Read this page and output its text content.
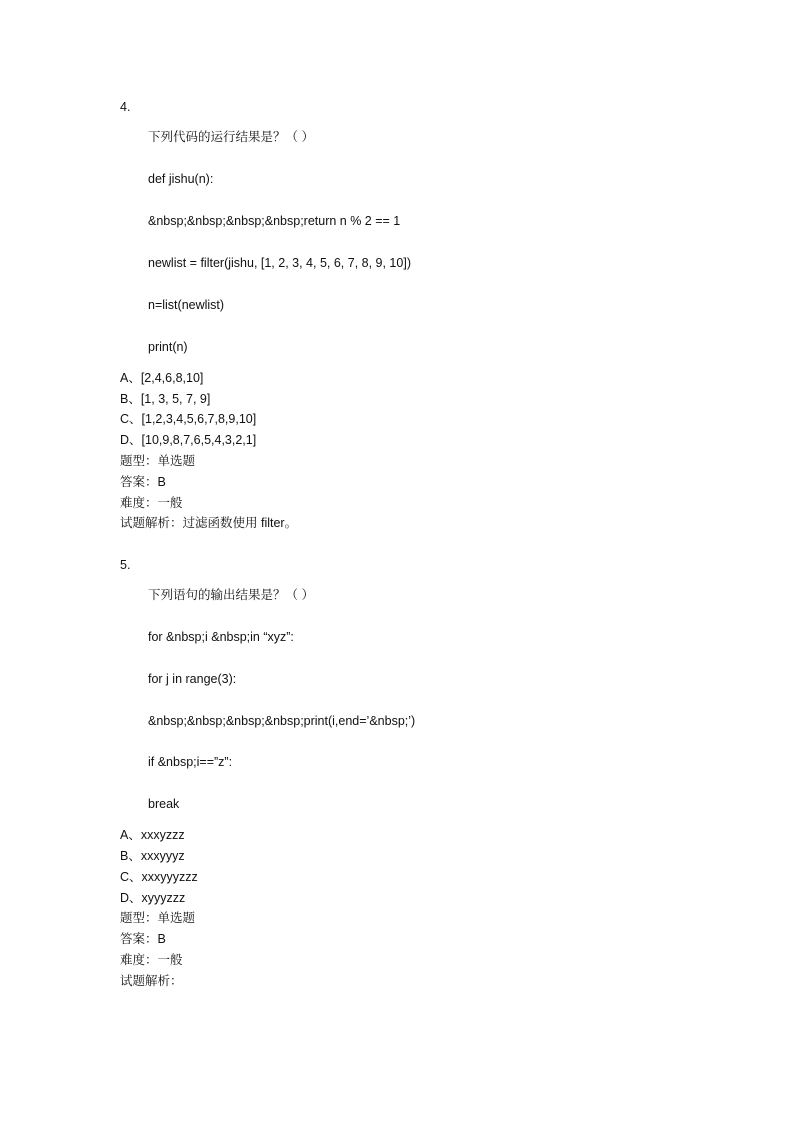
4.
下列代码的运行结果是？（ ）
def jishu(n):
&nbsp;&nbsp;&nbsp;&nbsp;return n % 2 == 1
newlist = filter(jishu, [1, 2, 3, 4, 5, 6, 7, 8, 9, 10])
n=list(newlist)
print(n)
A、[2,4,6,8,10]
B、[1, 3, 5, 7, 9]
C、[1,2,3,4,5,6,7,8,9,10]
D、[10,9,8,7,6,5,4,3,2,1]
题型：单选题
答案：B
难度：一般
试题解析：过滤函数使用 filter。
5.
下列语句的输出结果是？（ ）
for &nbsp;i &nbsp;in “xyz”:
for j in range(3):
&nbsp;&nbsp;&nbsp;&nbsp;print(i,end=’&nbsp;’)
if &nbsp;i==”z”:
break
A、xxxyzzz
B、xxxyyyz
C、xxxyyyzzz
D、xyyyzzz
题型：单选题
答案：B
难度：一般
试题解析：
